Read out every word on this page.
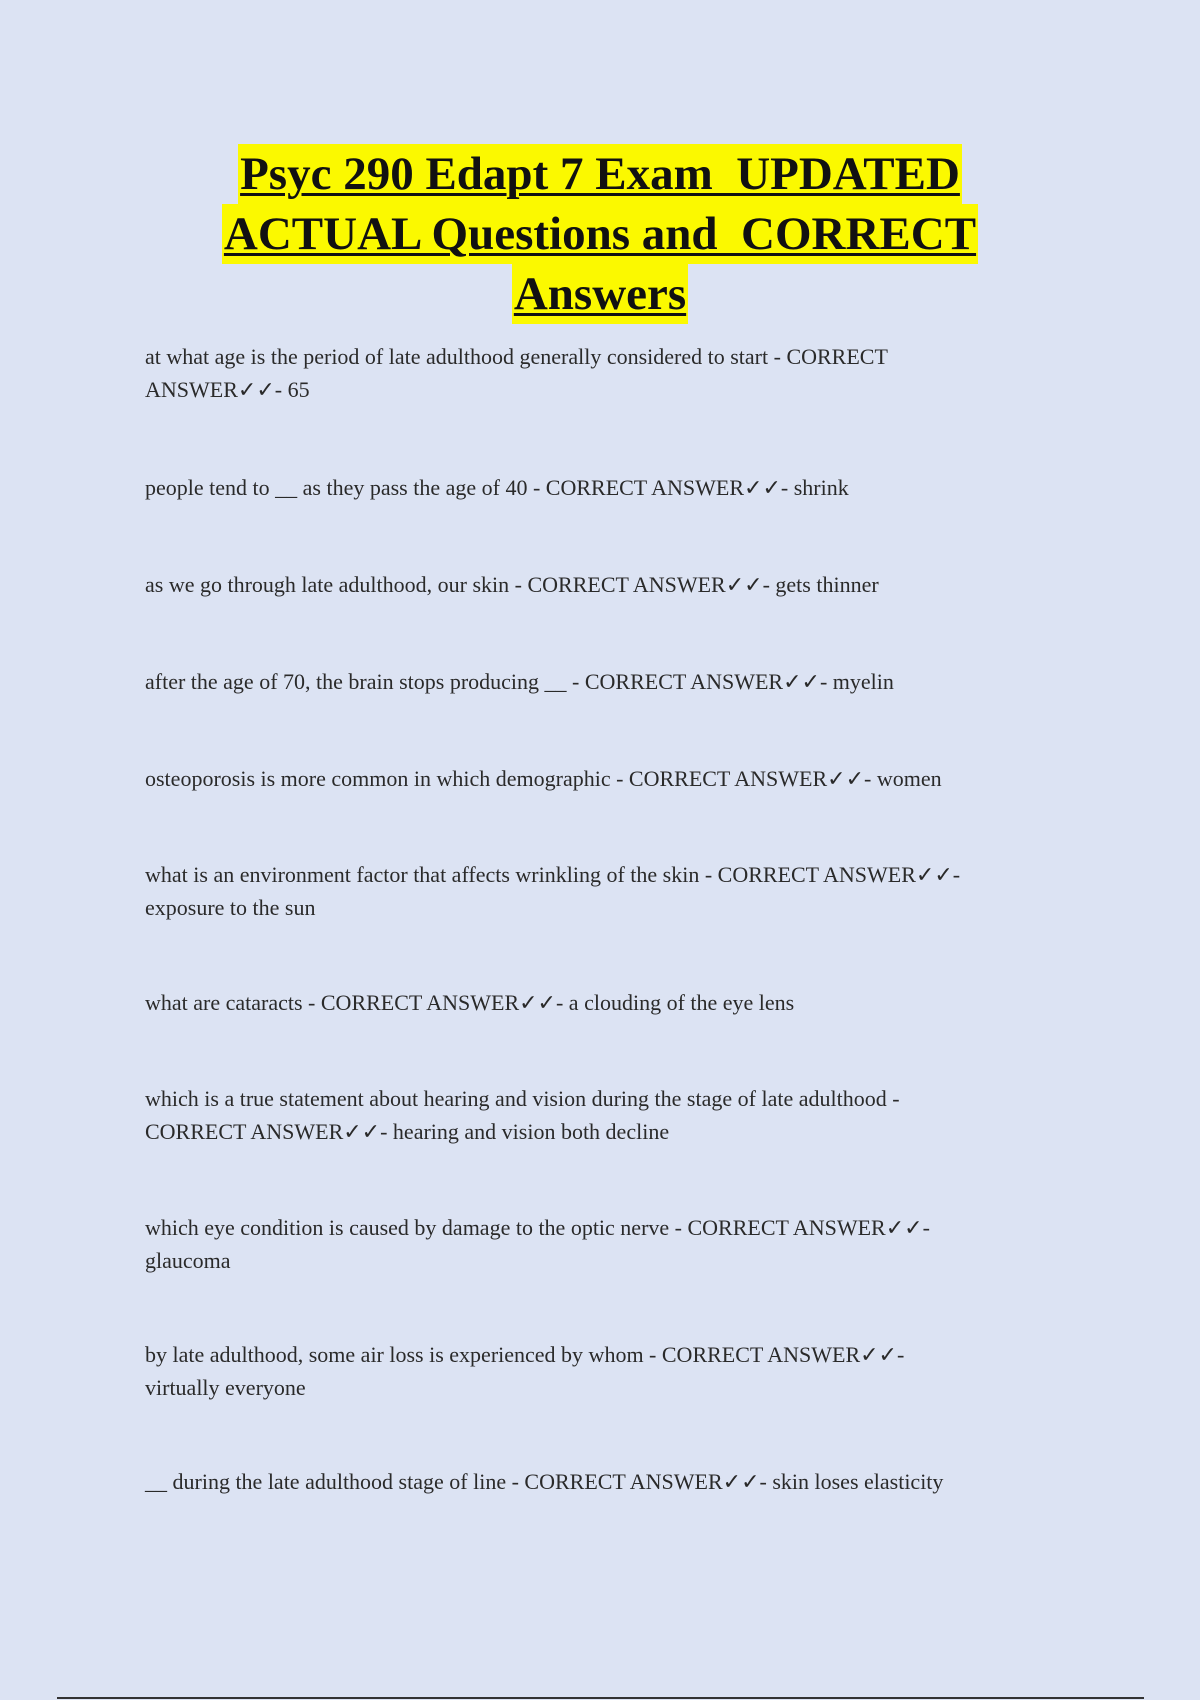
Psyc 290 Edapt 7 Exam  UPDATED
ACTUAL Questions and  CORRECT
Answers
at what age is the period of late adulthood generally considered to start - CORRECT
ANSWER✓✓- 65
people tend to __ as they pass the age of 40 - CORRECT ANSWER✓✓- shrink
as we go through late adulthood, our skin - CORRECT ANSWER✓✓- gets thinner
after the age of 70, the brain stops producing __ - CORRECT ANSWER✓✓- myelin
osteoporosis is more common in which demographic - CORRECT ANSWER✓✓- women
what is an environment factor that affects wrinkling of the skin - CORRECT ANSWER✓✓-
exposure to the sun
what are cataracts - CORRECT ANSWER✓✓- a clouding of the eye lens
which is a true statement about hearing and vision during the stage of late adulthood -
CORRECT ANSWER✓✓- hearing and vision both decline
which eye condition is caused by damage to the optic nerve - CORRECT ANSWER✓✓-
glaucoma
by late adulthood, some air loss is experienced by whom - CORRECT ANSWER✓✓-
virtually everyone
__ during the late adulthood stage of line - CORRECT ANSWER✓✓- skin loses elasticity
